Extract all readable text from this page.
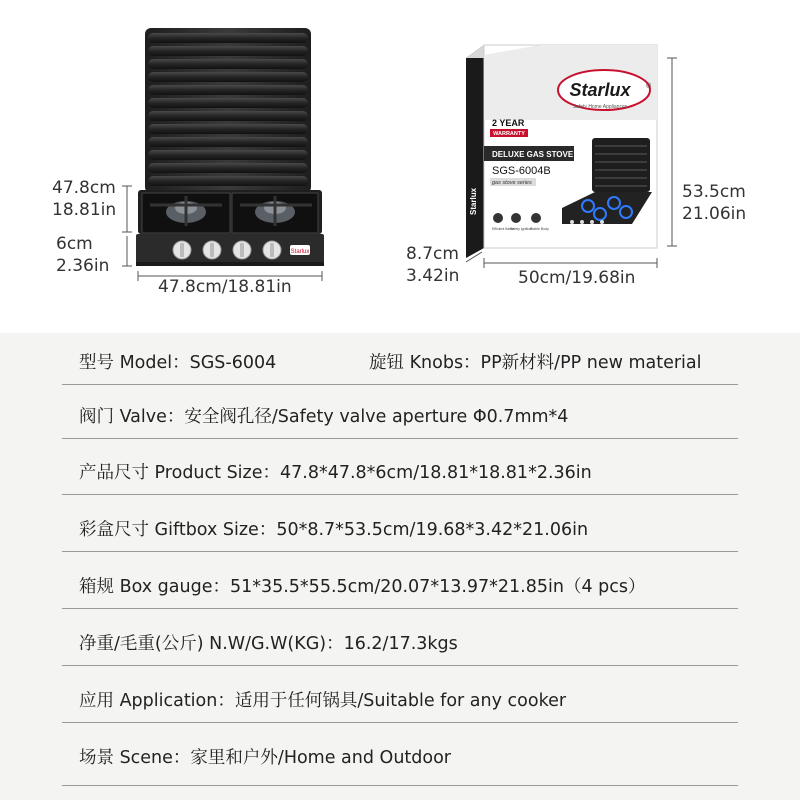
Starlux
Starlux ®
Safety Home Appliances
2 YEAR
WARRANTY
DELUXE GAS STOVE
SGS-6004B
gas stove series
Efficient flame
Safety ignition
Stable Body
Starlux
47.8cm
18.81in
6cm
2.36in
47.8cm/18.81in
53.5cm
21.06in
8.7cm
3.42in	50cm/19.68in
型号 Model：SGS-6004	旋钮 Knobs：PP新材料/PP new material
阀门 Valve：安全阀孔径/Safety valve aperture Φ0.7mm*4
产品尺寸 Product Size：47.8*47.8*6cm/18.81*18.81*2.36in
彩盒尺寸 Giftbox Size：50*8.7*53.5cm/19.68*3.42*21.06in
箱规 Box gauge：51*35.5*55.5cm/20.07*13.97*21.85in（4 pcs）
净重/毛重(公斤) N.W/G.W(KG)：16.2/17.3kgs
应用 Application：适用于任何锅具/Suitable for any cooker
场景 Scene：家里和户外/Home and Outdoor
